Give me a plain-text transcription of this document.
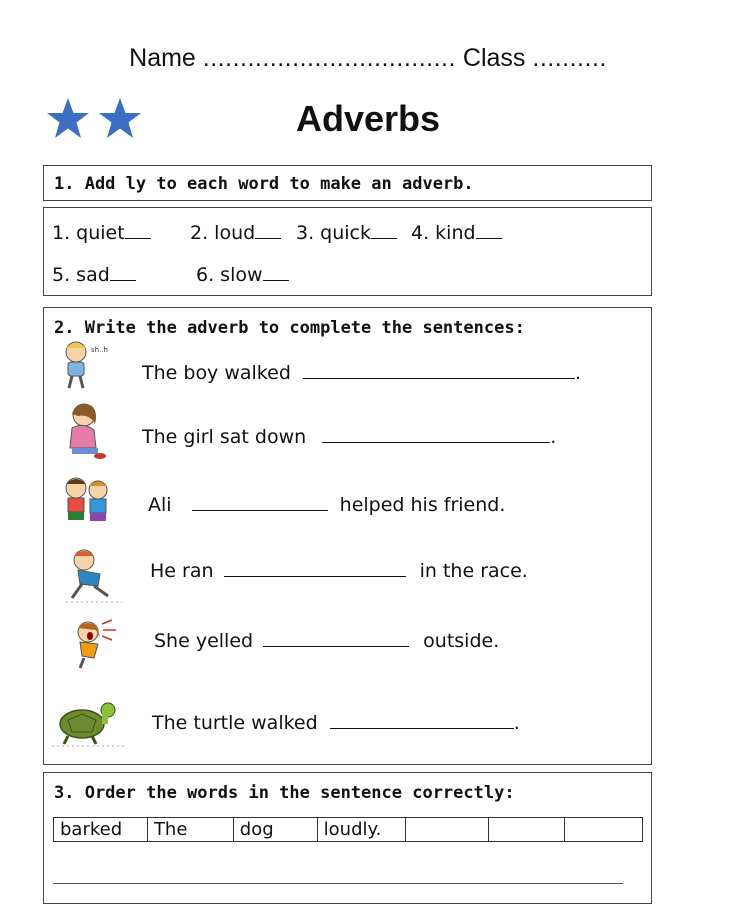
Name .................................. Class ..........
Adverbs
1. Add ly to each word to make an adverb.
1. quiet	2. loud	3. quick	4. kind
5. sad	6. slow
2. Write the adverb to complete the sentences:
sh..h
The boy walked	.
The girl sat down	.
Ali	helped his friend.
He ran	in the race.
She yelled	outside.
The turtle walked	.
3. Order the words in the sentence correctly:
barked	The	dog	loudly.			
